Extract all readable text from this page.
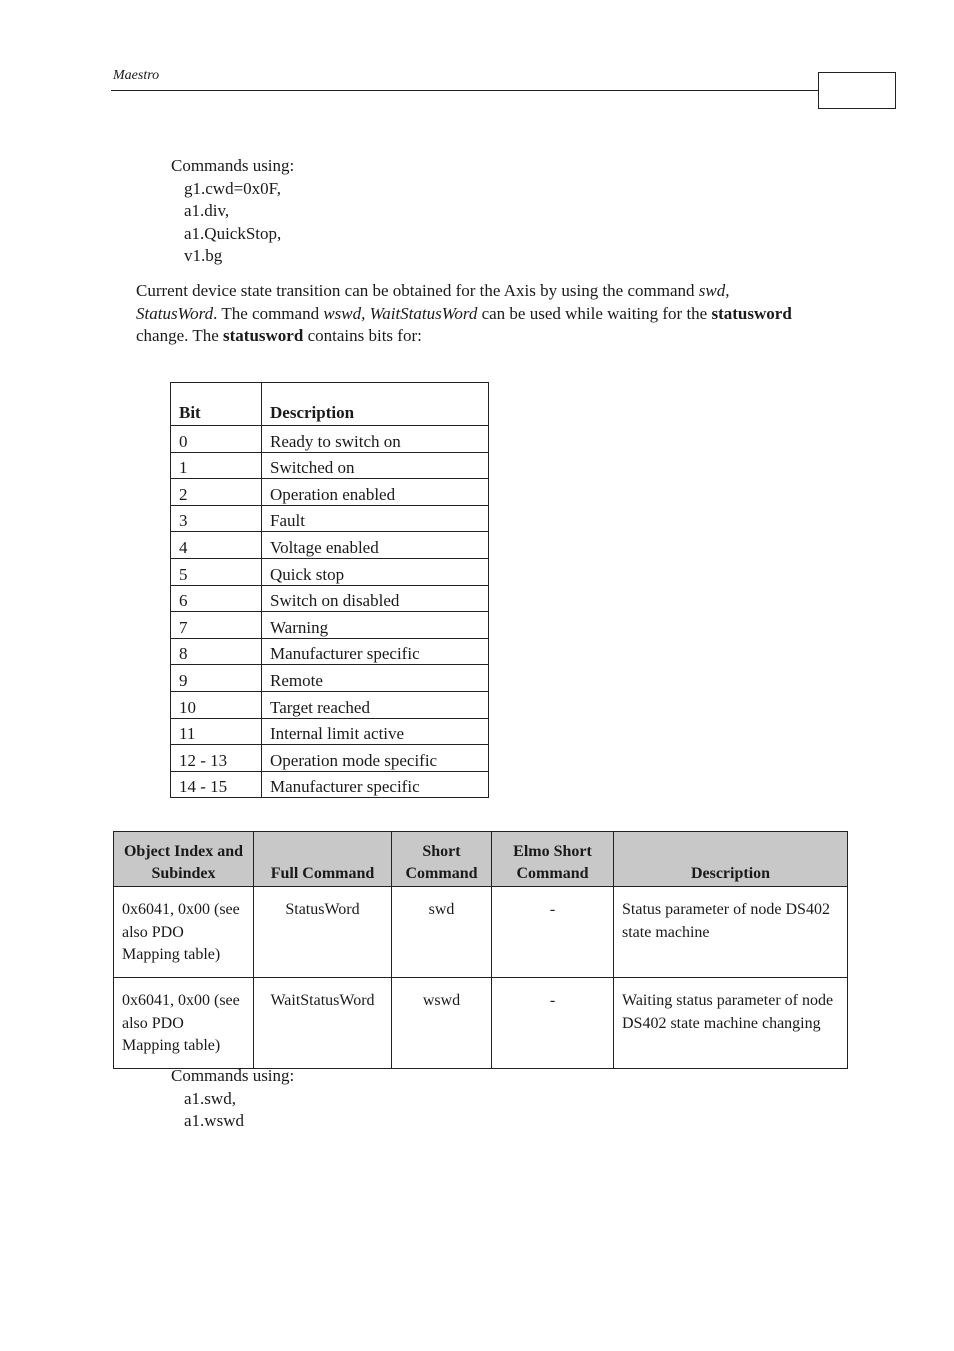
Maestro
Commands using:
g1.cwd=0x0F,
a1.div,
a1.QuickStop,
v1.bg
Current device state transition can be obtained for the Axis by using the command swd, StatusWord. The command wswd, WaitStatusWord can be used while waiting for the statusword change. The statusword contains bits for:
Bit	Description
0	Ready to switch on
1	Switched on
2	Operation enabled
3	Fault
4	Voltage enabled
5	Quick stop
6	Switch on disabled
7	Warning
8	Manufacturer specific
9	Remote
10	Target reached
11	Internal limit active
12 - 13	Operation mode specific
14 - 15	Manufacturer specific
Object Index and Subindex	Full Command	Short Command	Elmo Short Command	Description
0x6041, 0x00 (see also PDO Mapping table)	StatusWord	swd	-	Status parameter of node DS402 state machine
0x6041, 0x00 (see also PDO Mapping table)	WaitStatusWord	wswd	-	Waiting status parameter of node DS402 state machine changing
Commands using:
a1.swd,
a1.wswd
